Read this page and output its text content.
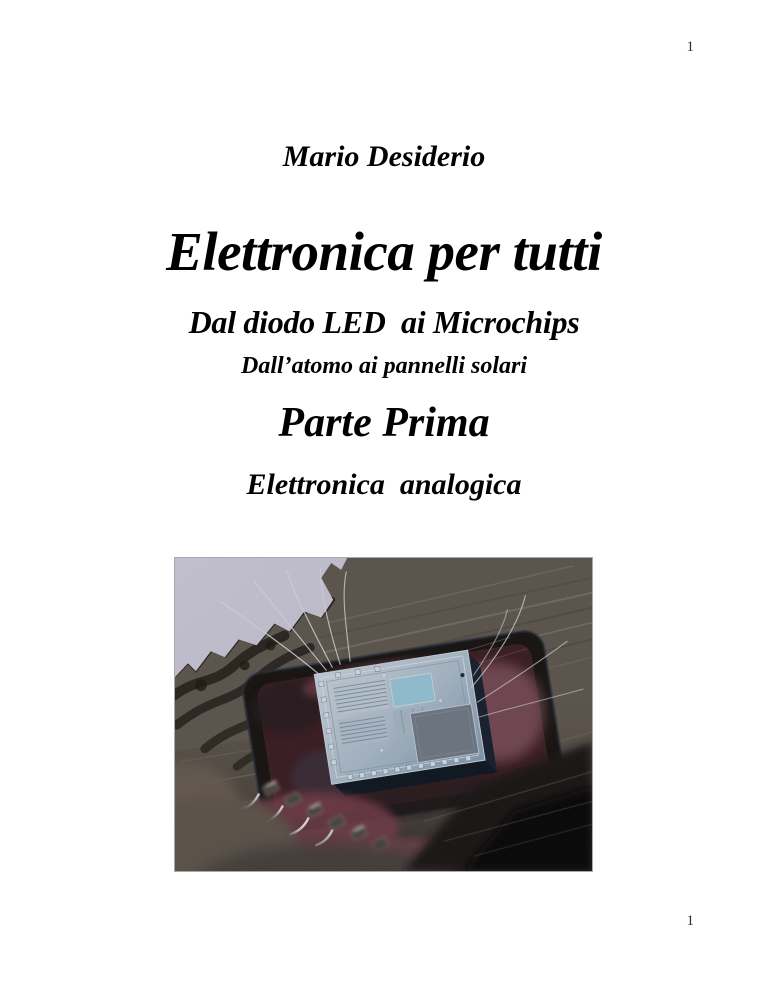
1
Mario Desiderio
Elettronica per tutti
Dal diodo LED  ai Microchips
Dall’atomo ai pannelli solari
Parte Prima
Elettronica  analogica
1
